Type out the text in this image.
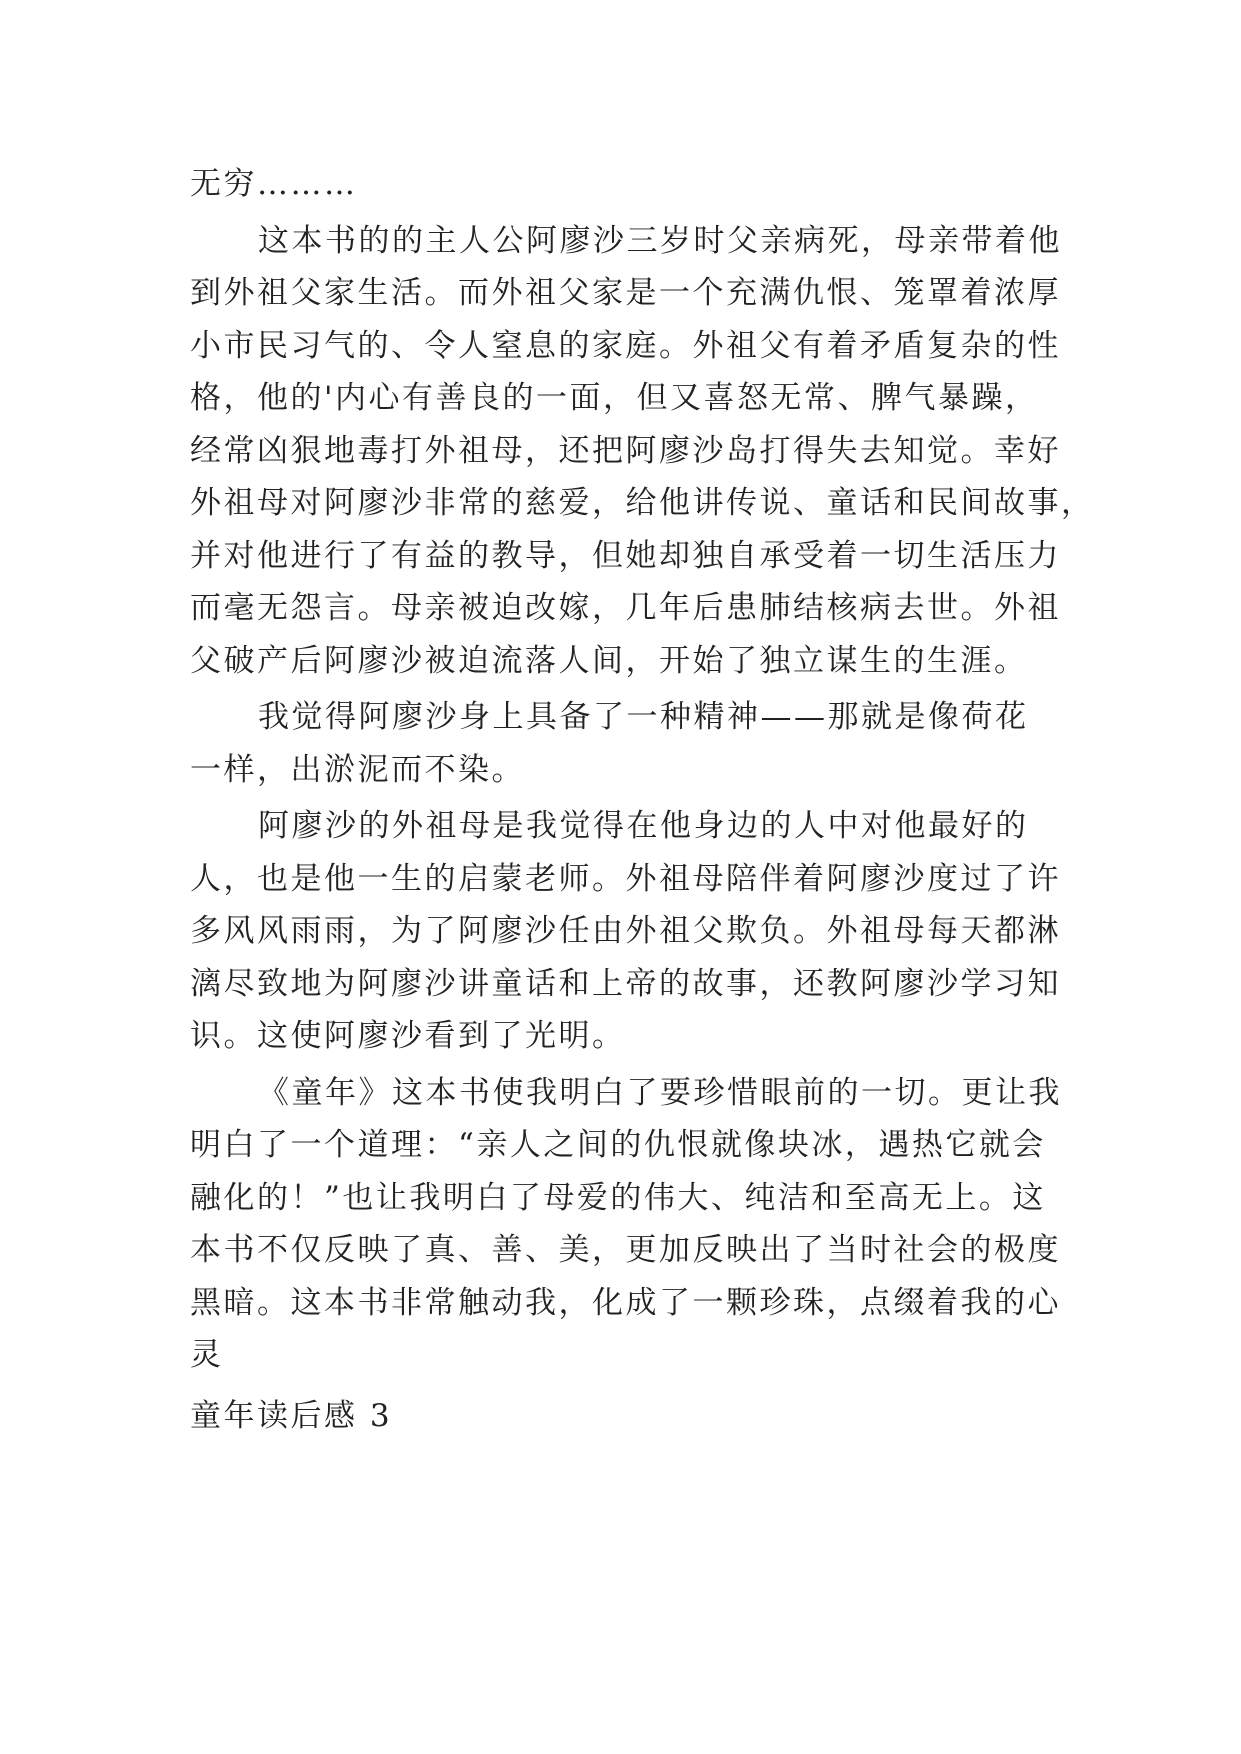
无穷………
这本书的的主人公阿廖沙三岁时父亲病死，母亲带着他
到外祖父家生活。而外祖父家是一个充满仇恨、笼罩着浓厚
小市民习气的、令人窒息的家庭。外祖父有着矛盾复杂的性
格，他的'内心有善良的一面，但又喜怒无常、脾气暴躁，
经常凶狠地毒打外祖母，还把阿廖沙岛打得失去知觉。幸好
外祖母对阿廖沙非常的慈爱，给他讲传说、童话和民间故事，
并对他进行了有益的教导，但她却独自承受着一切生活压力
而毫无怨言。母亲被迫改嫁，几年后患肺结核病去世。外祖
父破产后阿廖沙被迫流落人间，开始了独立谋生的生涯。
我觉得阿廖沙身上具备了一种精神——那就是像荷花
一样，出淤泥而不染。
阿廖沙的外祖母是我觉得在他身边的人中对他最好的
人，也是他一生的启蒙老师。外祖母陪伴着阿廖沙度过了许
多风风雨雨，为了阿廖沙任由外祖父欺负。外祖母每天都淋
漓尽致地为阿廖沙讲童话和上帝的故事，还教阿廖沙学习知
识。这使阿廖沙看到了光明。
《童年》这本书使我明白了要珍惜眼前的一切。更让我
明白了一个道理：“亲人之间的仇恨就像块冰，遇热它就会
融化的！”也让我明白了母爱的伟大、纯洁和至高无上。这
本书不仅反映了真、善、美，更加反映出了当时社会的极度
黑暗。这本书非常触动我，化成了一颗珍珠，点缀着我的心
灵
童年读后感 3
